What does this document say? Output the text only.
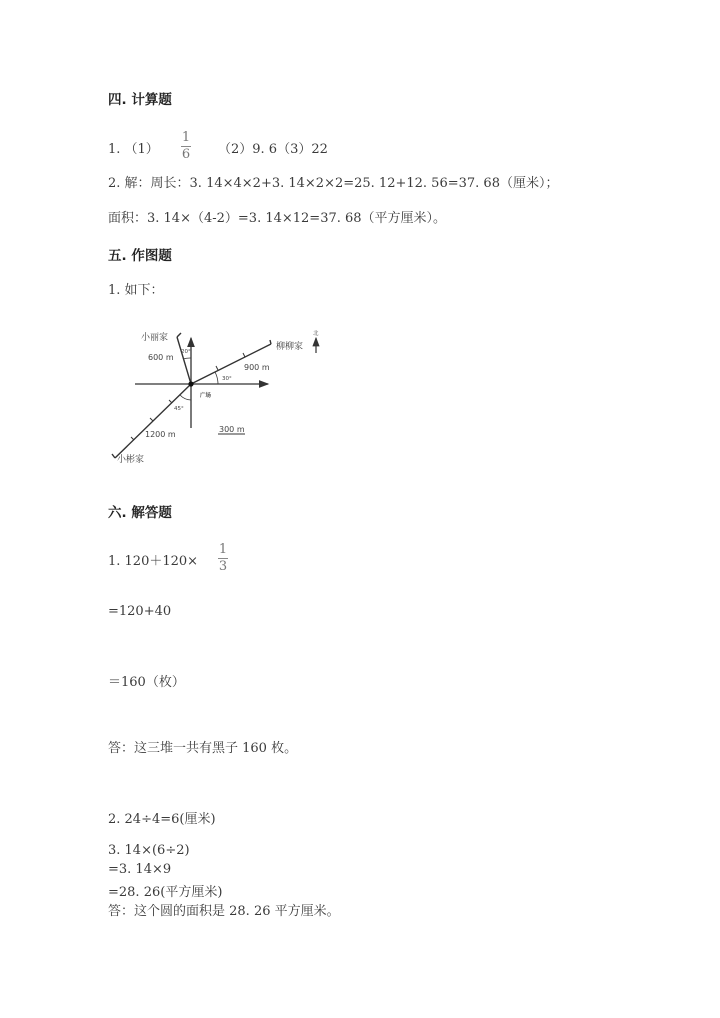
四. 计算题
1. （1）
1
6 （2）9. 6（3）22
2. 解：周长：3. 14×4×2+3. 14×2×2=25. 12+12. 56=37. 68（厘米）；
面积：3. 14×（4-2）=3. 14×12=37. 68（平方厘米）。
五. 作图题
1. 如下：
小丽家
600 m
20°	柳柳家
900 m
30°
北
广场
45°
1200 m
300 m
小彬家
六. 解答题
1. 120＋120×
1
3
=120+40
＝160（枚）
答：这三堆一共有黑子 160 枚。
2. 24÷4=6(厘米)
3. 14×(6÷2)
=3. 14×9
=28. 26(平方厘米)
答：这个圆的面积是 28. 26 平方厘米。
